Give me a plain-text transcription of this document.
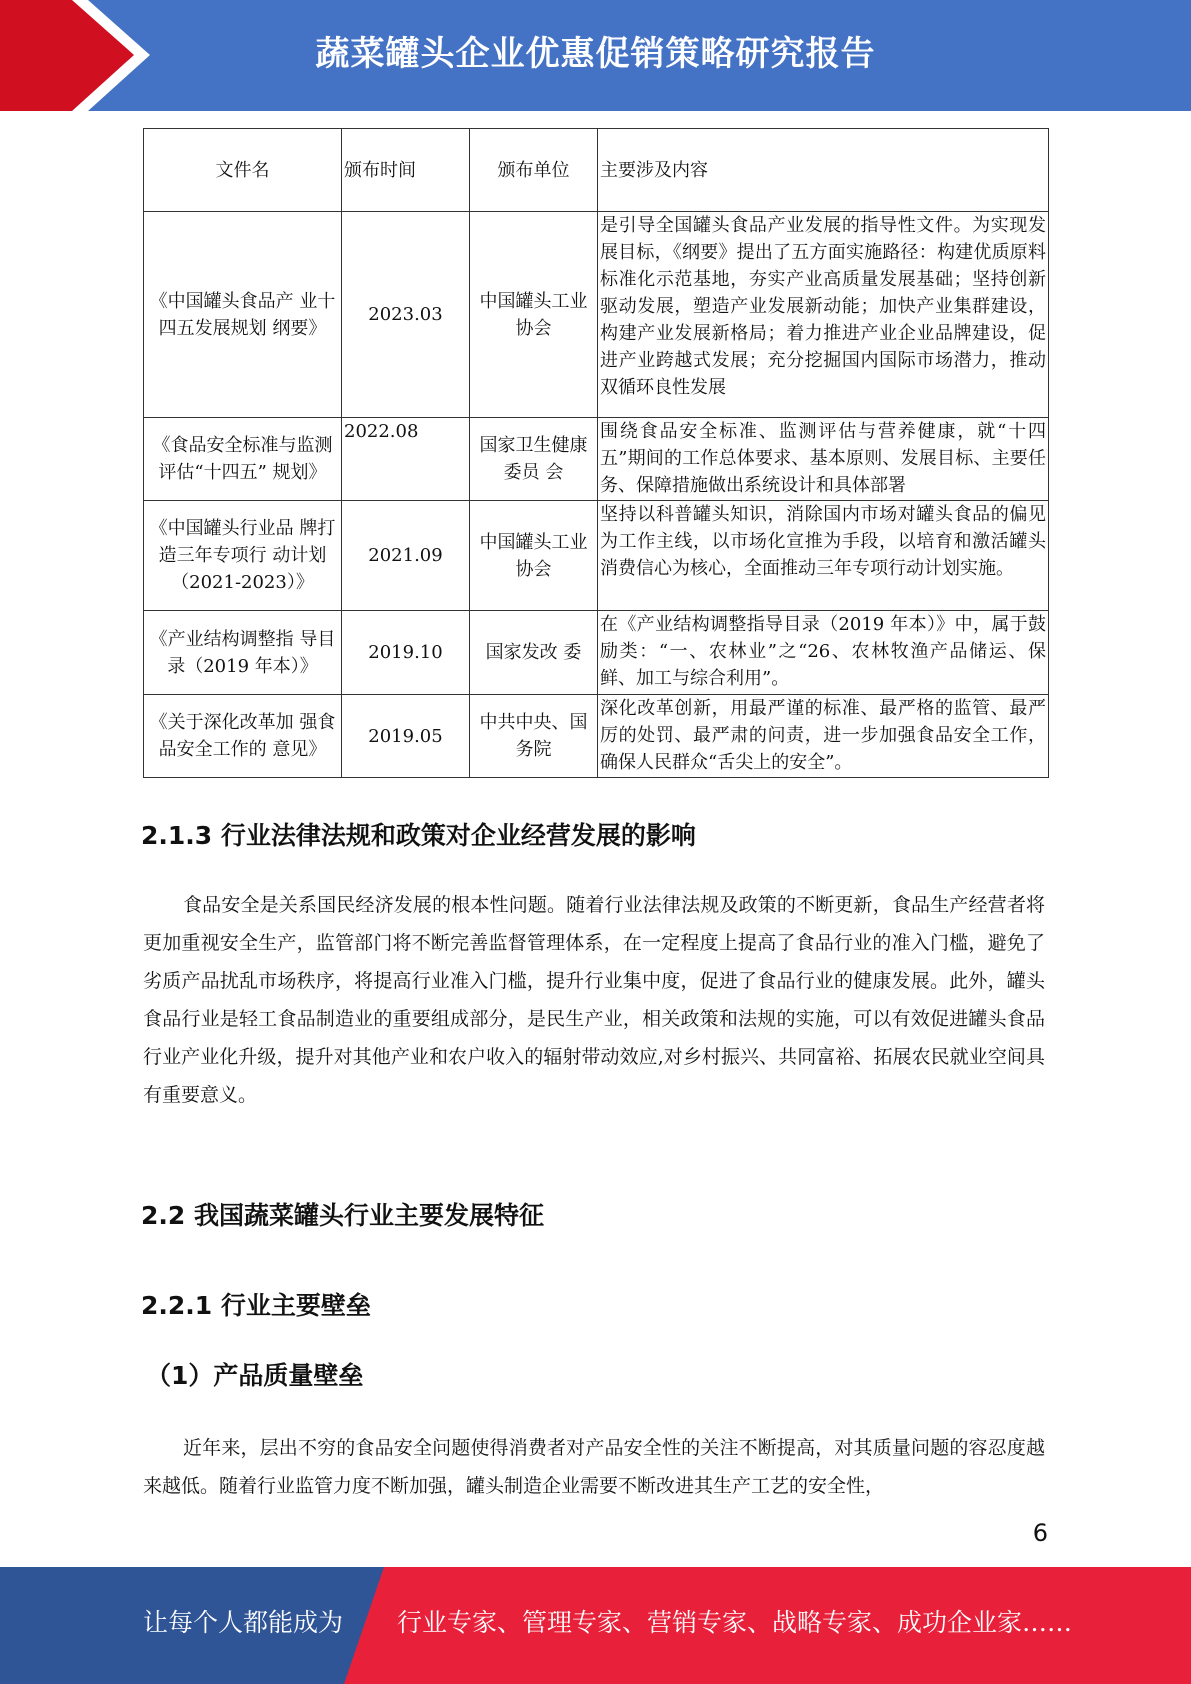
蔬菜罐头企业优惠促销策略研究报告
文件名	颁布时间	颁布单位	主要涉及内容
《中国罐头食品产 业十四五发展规划 纲要》	2023.03	中国罐头工业协会	是引导全国罐头食品产业发展的指导性文件。为实现发展目标，《纲要》提出了五方面实施路径：构建优质原料标准化示范基地，夯实产业高质量发展基础；坚持创新驱动发展，塑造产业发展新动能；加快产业集群建设，构建产业发展新格局；着力推进产业企业品牌建设，促进产业跨越式发展；充分挖掘国内国际市场潜力，推动双循环良性发展

《食品安全标准与监测评估“十四五” 规划》	2022.08	国家卫生健康委员 会	围绕食品安全标准、监测评估与营养健康，就“十四五”期间的工作总体要求、基本原则、发展目标、主要任务、保障措施做出系统设计和具体部署

《中国罐头行业品 牌打造三年专项行 动计划（2021-2023）》	2021.09	中国罐头工业协会	坚持以科普罐头知识，消除国内市场对罐头食品的偏见为工作主线，以市场化宣推为手段，以培育和激活罐头消费信心为核心，全面推动三年专项行动计划实施。

《产业结构调整指 导目录（2019 年本）》	2019.10	国家发改 委	在《产业结构调整指导目录（2019 年本）》中，属于鼓励类：“一、农林业”之“26、农林牧渔产品储运、保鲜、加工与综合利用”。

《关于深化改革加 强食品安全工作的 意见》	2019.05	中共中央、国务院	深化改革创新，用最严谨的标准、最严格的监管、最严厉的处罚、最严肃的问责，进一步加强食品安全工作，确保人民群众“舌尖上的安全”。
2.1.3 行业法律法规和政策对企业经营发展的影响

食品安全是关系国民经济发展的根本性问题。随着行业法律法规及政策的不断更新，食品生产经营者将更加重视安全生产，监管部门将不断完善监督管理体系，在一定程度上提高了食品行业的准入门槛，避免了劣质产品扰乱市场秩序，将提高行业准入门槛，提升行业集中度，促进了食品行业的健康发展。此外，罐头食品行业是轻工食品制造业的重要组成部分，是民生产业，相关政策和法规的实施，可以有效促进罐头食品行业产业化升级，提升对其他产业和农户收入的辐射带动效应,对乡村振兴、共同富裕、拓展农民就业空间具有重要意义。

2.2 我国蔬菜罐头行业主要发展特征
2.2.1 行业主要壁垒
（1）产品质量壁垒

近年来，层出不穷的食品安全问题使得消费者对产品安全性的关注不断提高，对其质量问题的容忍度越来越低。随着行业监管力度不断加强，罐头制造企业需要不断改进其生产工艺的安全性，

6
让每个人都能成为 行业专家、管理专家、营销专家、战略专家、成功企业家……
